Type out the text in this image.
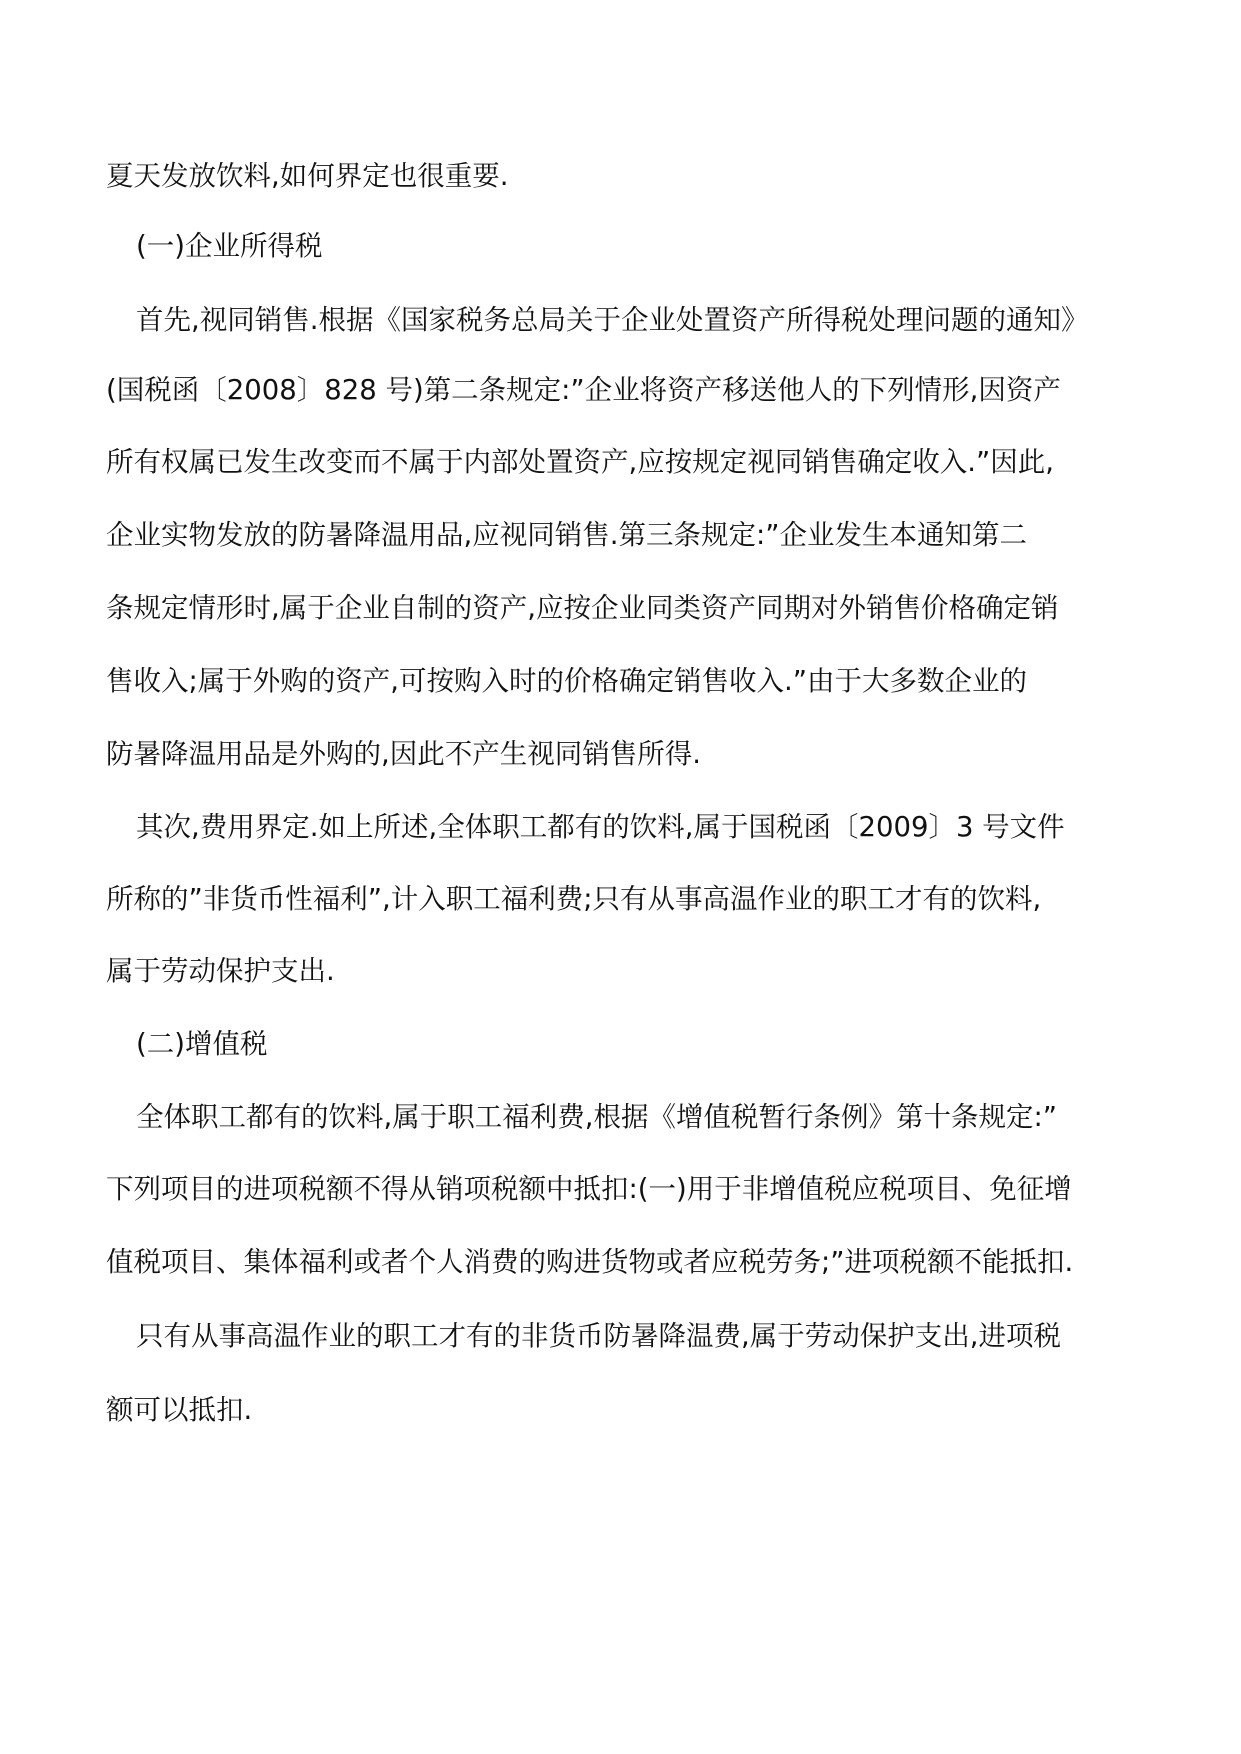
夏天发放饮料,如何界定也很重要.
(一)企业所得税
首先,视同销售.根据《国家税务总局关于企业处置资产所得税处理问题的通知》
(国税函〔2008〕828 号)第二条规定:”企业将资产移送他人的下列情形,因资产
所有权属已发生改变而不属于内部处置资产,应按规定视同销售确定收入.”因此,
企业实物发放的防暑降温用品,应视同销售.第三条规定:”企业发生本通知第二
条规定情形时,属于企业自制的资产,应按企业同类资产同期对外销售价格确定销
售收入;属于外购的资产,可按购入时的价格确定销售收入.”由于大多数企业的
防暑降温用品是外购的,因此不产生视同销售所得.
其次,费用界定.如上所述,全体职工都有的饮料,属于国税函〔2009〕3 号文件
所称的”非货币性福利”,计入职工福利费;只有从事高温作业的职工才有的饮料,
属于劳动保护支出.
(二)增值税
全体职工都有的饮料,属于职工福利费,根据《增值税暂行条例》第十条规定:”
下列项目的进项税额不得从销项税额中抵扣:(一)用于非增值税应税项目、免征增
值税项目、集体福利或者个人消费的购进货物或者应税劳务;”进项税额不能抵扣.
只有从事高温作业的职工才有的非货币防暑降温费,属于劳动保护支出,进项税
额可以抵扣.
